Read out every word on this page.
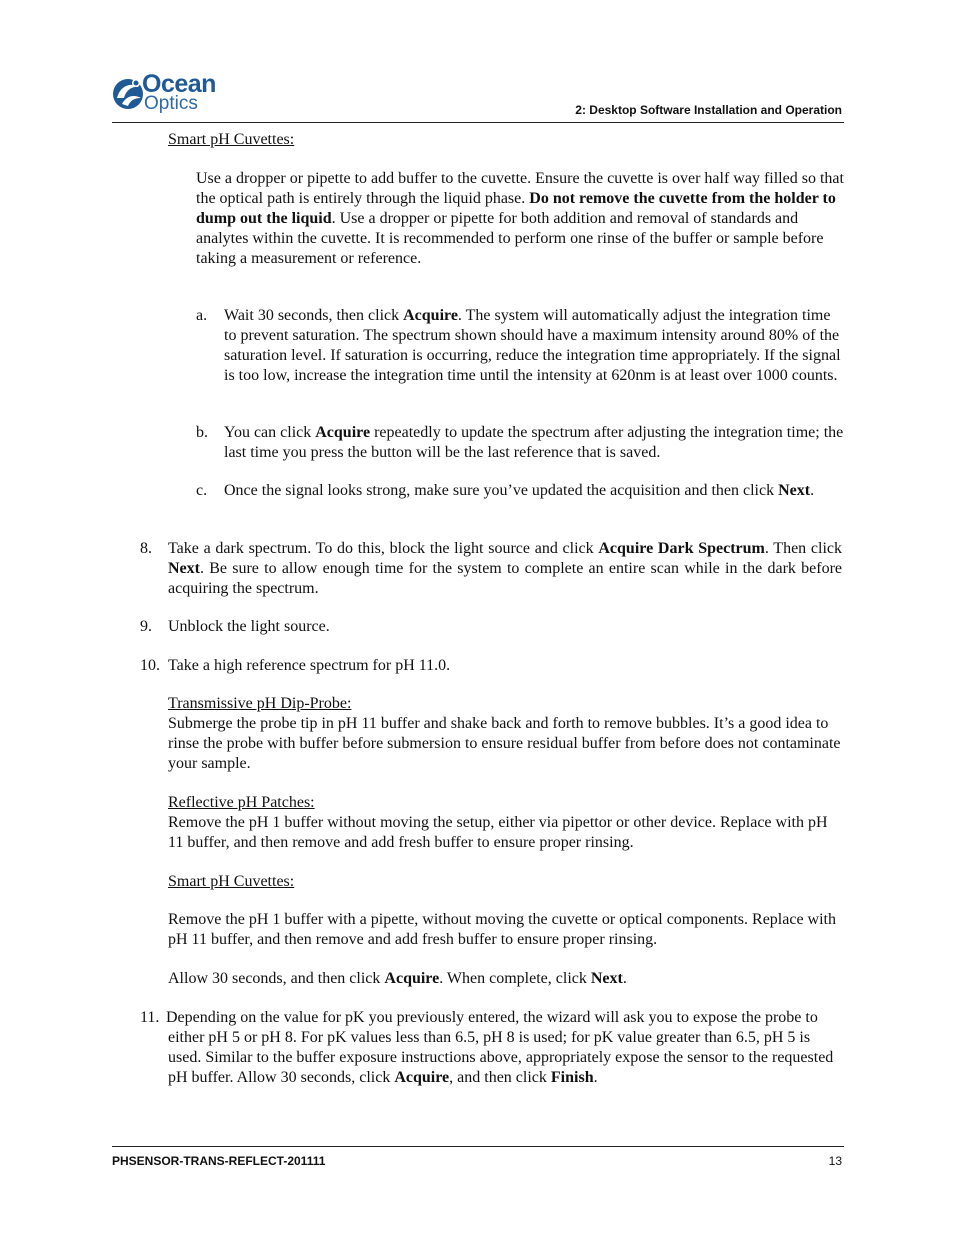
Ocean
Optics	2: Desktop Software Installation and Operation

Smart pH Cuvettes:

Use a dropper or pipette to add buffer to the cuvette. Ensure the cuvette is over half way filled so that the optical path is entirely through the liquid phase. Do not remove the cuvette from the holder to dump out the liquid. Use a dropper or pipette for both addition and removal of standards and analytes within the cuvette. It is recommended to perform one rinse of the buffer or sample before taking a measurement or reference.

a. Wait 30 seconds, then click Acquire. The system will automatically adjust the integration time to prevent saturation. The spectrum shown should have a maximum intensity around 80% of the saturation level. If saturation is occurring, reduce the integration time appropriately. If the signal is too low, increase the integration time until the intensity at 620nm is at least over 1000 counts.

b. You can click Acquire repeatedly to update the spectrum after adjusting the integration time; the last time you press the button will be the last reference that is saved.

c. Once the signal looks strong, make sure you’ve updated the acquisition and then click Next.

8. Take a dark spectrum. To do this, block the light source and click Acquire Dark Spectrum. Then click Next. Be sure to allow enough time for the system to complete an entire scan while in the dark before acquiring the spectrum.

9. Unblock the light source.

10. Take a high reference spectrum for pH 11.0.

Transmissive pH Dip-Probe:

Submerge the probe tip in pH 11 buffer and shake back and forth to remove bubbles. It’s a good idea to rinse the probe with buffer before submersion to ensure residual buffer from before does not contaminate your sample.

Reflective pH Patches:

Remove the pH 1 buffer without moving the setup, either via pipettor or other device. Replace with pH 11 buffer, and then remove and add fresh buffer to ensure proper rinsing.

Smart pH Cuvettes:

Remove the pH 1 buffer with a pipette, without moving the cuvette or optical components. Replace with pH 11 buffer, and then remove and add fresh buffer to ensure proper rinsing.

Allow 30 seconds, and then click Acquire. When complete, click Next.

11. Depending on the value for pK you previously entered, the wizard will ask you to expose the probe to either pH 5 or pH 8. For pK values less than 6.5, pH 8 is used; for pK value greater than 6.5, pH 5 is used. Similar to the buffer exposure instructions above, appropriately expose the sensor to the requested pH buffer. Allow 30 seconds, click Acquire, and then click Finish.

PHSENSOR-TRANS-REFLECT-201111	13
